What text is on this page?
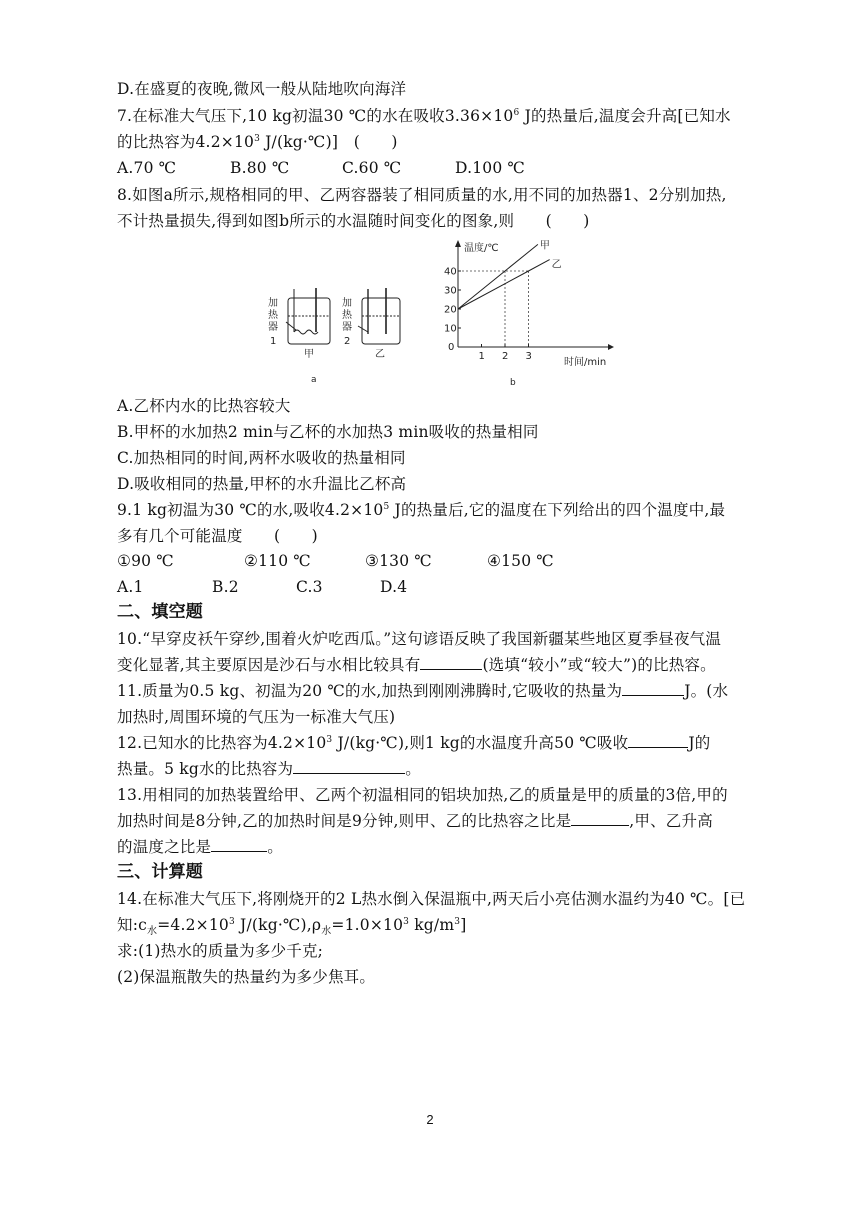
D.在盛夏的夜晚,微风一般从陆地吹向海洋
7.在标准大气压下,10 kg初温30 ℃的水在吸收$3.36\times 10^6$ J的热量后,温度会升高[已知水
的比热容为$4.2\times 10^3$ J/(kg·℃)]　(　　)
A.70 ℃	B.80 ℃	C.60 ℃	D.100 ℃
8.如图a所示,规格相同的甲、乙两容器装了相同质量的水,用不同的加热器1、2分别加热,
不计热量损失,得到如图b所示的水温随时间变化的图象,则　　(　　)
加
热
器
1
加
热
器
2
甲	乙
a
甲
乙
1 2 3
10
20
30
40
温度/℃
时间/min
0
b
A.乙杯内水的比热容较大
B.甲杯的水加热2 min与乙杯的水加热3 min吸收的热量相同
C.加热相同的时间,两杯水吸收的热量相同
D.吸收相同的热量,甲杯的水升温比乙杯高
9.1 kg初温为30 ℃的水,吸收$4.2\times 10^5$ J的热量后,它的温度在下列给出的四个温度中,最
多有几个可能温度　　(　　)
①90 ℃	②110 ℃	③130 ℃	④150 ℃
A.1	B.2	C.3	D.4
二、填空题
10.“早穿皮袄午穿纱,围着火炉吃西瓜。”这句谚语反映了我国新疆某些地区夏季昼夜气温
变化显著,其主要原因是沙石与水相比较具有	(选填“较小”或“较大”)的比热容。
11.质量为0.5 kg、初温为20 ℃的水,加热到刚刚沸腾时,它吸收的热量为	J。(水
加热时,周围环境的气压为一标准大气压)
12.已知水的比热容为$4.2\times 10^3$ J/(kg·℃),则1 kg的水温度升高50 ℃吸收	J的
热量。5 kg水的比热容为	。
13.用相同的加热装置给甲、乙两个初温相同的铝块加热,乙的质量是甲的质量的3倍,甲的
加热时间是8分钟,乙的加热时间是9分钟,则甲、乙的比热容之比是	,甲、乙升高
的温度之比是	。
三、计算题
14.在标准大气压下,将刚烧开的2 L热水倒入保温瓶中,两天后小亮估测水温约为40 ℃。[已
知$:c_水=4.2\times 10^3$ $J/(kg\cdot℃),\rho_水=1.0\times 10^3$ $kg/m^3$]
求:(1)热水的质量为多少千克;
(2)保温瓶散失的热量约为多少焦耳。
2
